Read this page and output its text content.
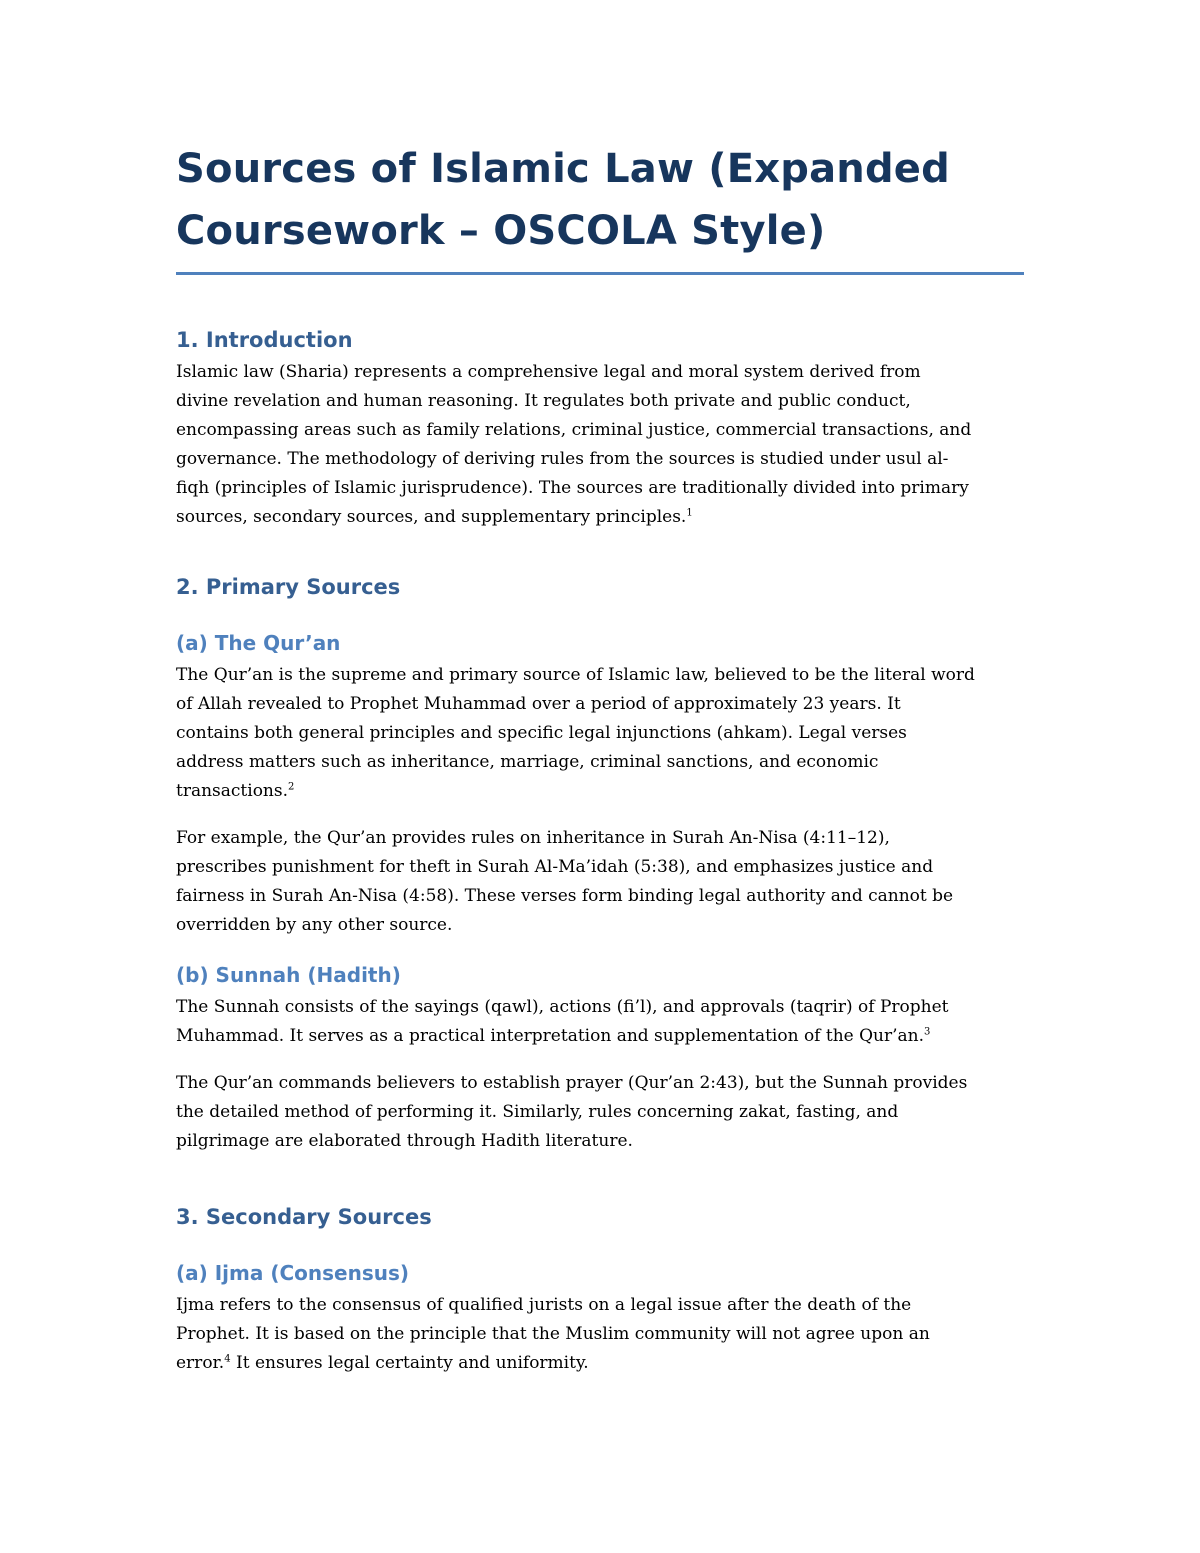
Sources of Islamic Law (Expanded
Coursework – OSCOLA Style)
1. Introduction

Islamic law (Sharia) represents a comprehensive legal and moral system derived from
divine revelation and human reasoning. It regulates both private and public conduct,
encompassing areas such as family relations, criminal justice, commercial transactions, and
governance. The methodology of deriving rules from the sources is studied under usul al-
fiqh (principles of Islamic jurisprudence). The sources are traditionally divided into primary
sources, secondary sources, and supplementary principles.$^1$

2. Primary Sources
(a) The Qur’an

The Qur’an is the supreme and primary source of Islamic law, believed to be the literal word
of Allah revealed to Prophet Muhammad over a period of approximately 23 years. It
contains both general principles and specific legal injunctions (ahkam). Legal verses
address matters such as inheritance, marriage, criminal sanctions, and economic
transactions.$^2$

For example, the Qur’an provides rules on inheritance in Surah An-Nisa (4:11–12),
prescribes punishment for theft in Surah Al-Ma’idah (5:38), and emphasizes justice and
fairness in Surah An-Nisa (4:58). These verses form binding legal authority and cannot be
overridden by any other source.

(b) Sunnah (Hadith)

The Sunnah consists of the sayings (qawl), actions (fi’l), and approvals (taqrir) of Prophet
Muhammad. It serves as a practical interpretation and supplementation of the Qur’an.$^3$

The Qur’an commands believers to establish prayer (Qur’an 2:43), but the Sunnah provides
the detailed method of performing it. Similarly, rules concerning zakat, fasting, and
pilgrimage are elaborated through Hadith literature.

3. Secondary Sources
(a) Ijma (Consensus)

Ijma refers to the consensus of qualified jurists on a legal issue after the death of the
Prophet. It is based on the principle that the Muslim community will not agree upon an
error.$^4$ It ensures legal certainty and uniformity.
